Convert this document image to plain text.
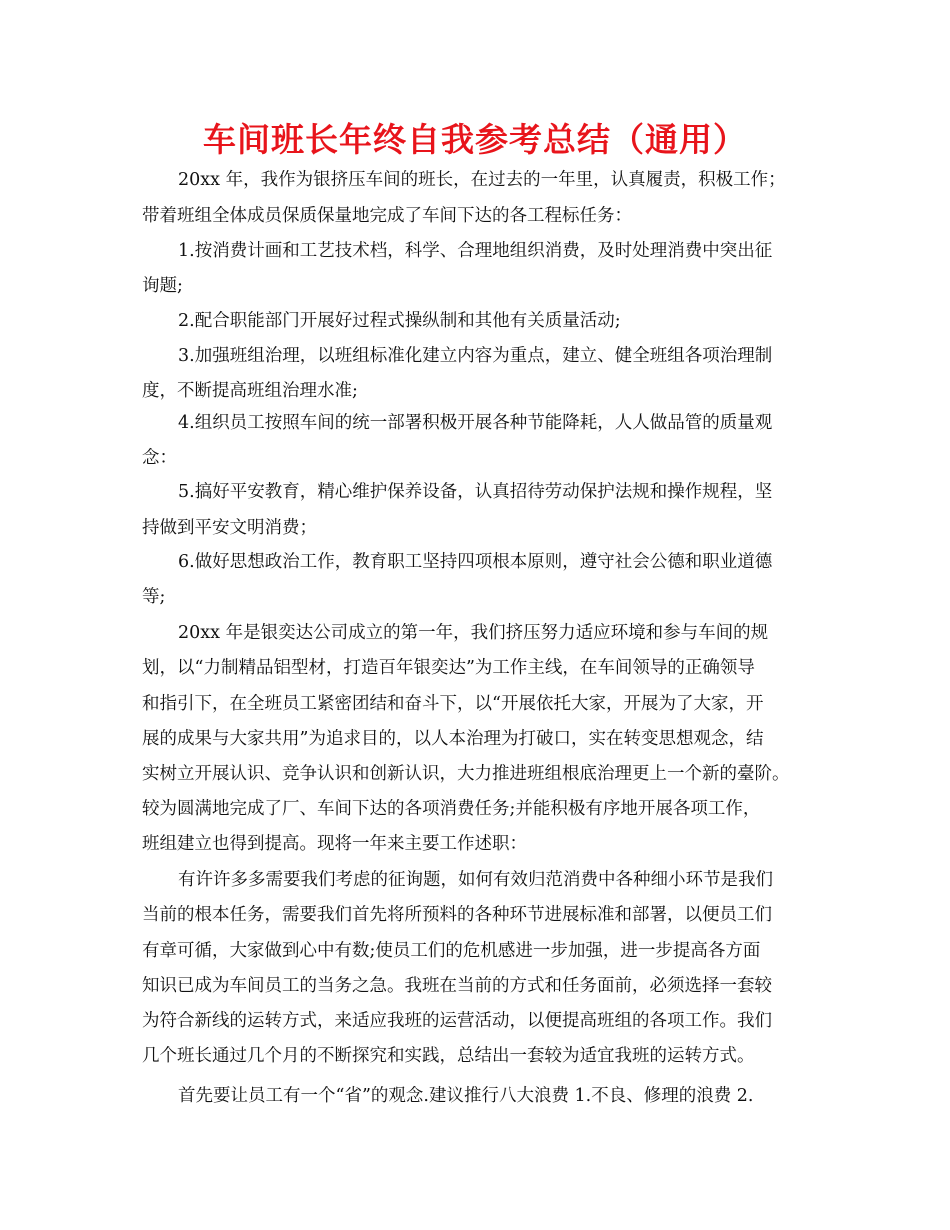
车间班长年终自我参考总结（通用）
20xx 年，我作为银挤压车间的班长，在过去的一年里，认真履责，积极工作；
带着班组全体成员保质保量地完成了车间下达的各工程标任务：
1.按消费计画和工艺技术档，科学、合理地组织消费，及时处理消费中突出征
询题;
2.配合职能部门开展好过程式操纵制和其他有关质量活动;
3.加强班组治理，以班组标准化建立内容为重点，建立、健全班组各项治理制
度，不断提高班组治理水准;
4.组织员工按照车间的统一部署积极开展各种节能降耗，人人做品管的质量观
念：
5.搞好平安教育，精心维护保养设备，认真招待劳动保护法规和操作规程，坚
持做到平安文明消费；
6.做好思想政治工作，教育职工坚持四项根本原则，遵守社会公德和职业道德
等;
20xx 年是银奕达公司成立的第一年，我们挤压努力适应环境和参与车间的规
划，以“力制精品铝型材，打造百年银奕达”为工作主线，在车间领导的正确领导
和指引下，在全班员工紧密团结和奋斗下，以“开展依托大家，开展为了大家，开
展的成果与大家共用”为追求目的，以人本治理为打破口，实在转变思想观念，结
实树立开展认识、竞争认识和创新认识，大力推进班组根底治理更上一个新的臺阶。
较为圆满地完成了厂、车间下达的各项消费任务;并能积极有序地开展各项工作，
班组建立也得到提高。现将一年来主要工作述职：
有许许多多需要我们考虑的征询题，如何有效归范消费中各种细小环节是我们
当前的根本任务，需要我们首先将所预料的各种环节进展标准和部署，以便员工们
有章可循，大家做到心中有数;使员工们的危机感进一步加强，进一步提高各方面
知识已成为车间员工的当务之急。我班在当前的方式和任务面前，必须选择一套较
为符合新线的运转方式，来适应我班的运营活动，以便提高班组的各项工作。我们
几个班长通过几个月的不断探究和实践，总结出一套较为适宜我班的运转方式。
首先要让员工有一个“省”的观念.建议推行八大浪费 1.不良、修理的浪费 2.
